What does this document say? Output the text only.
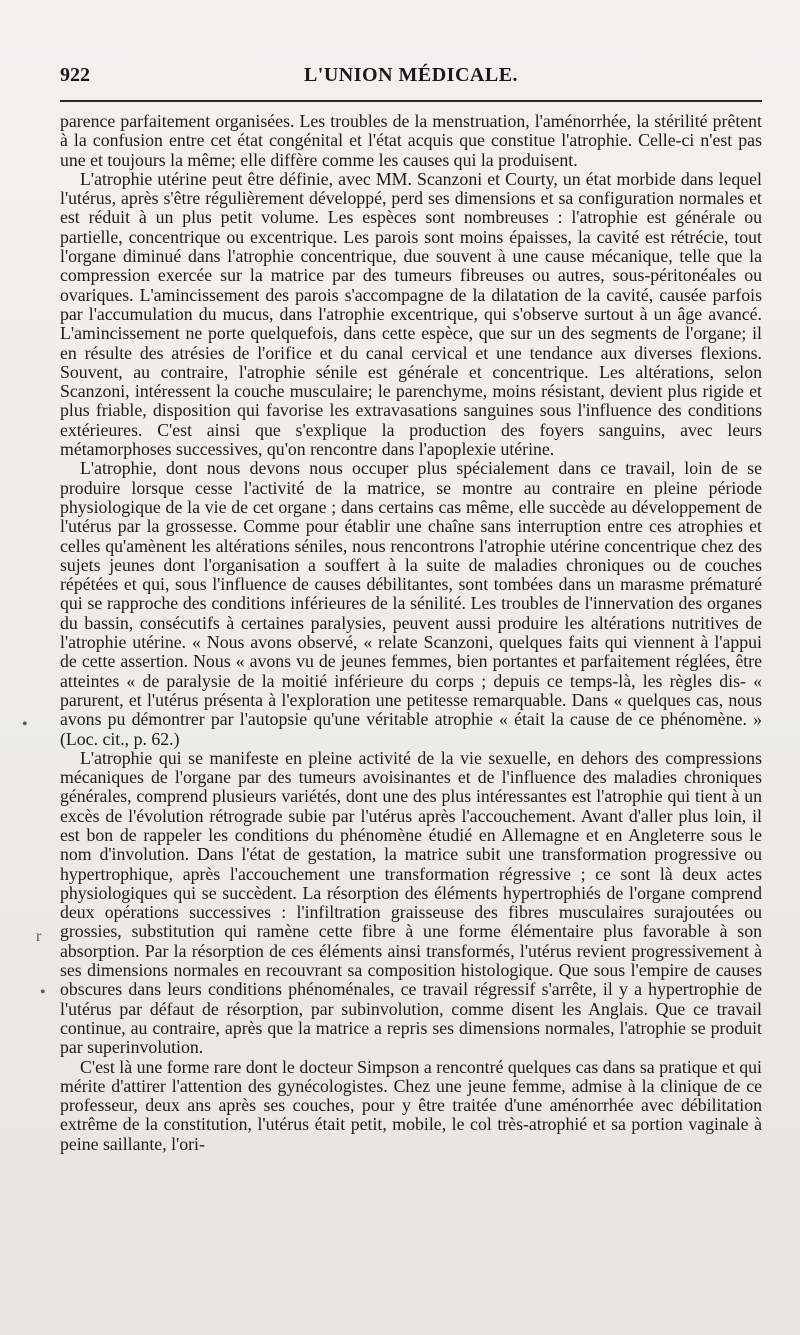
922	L'UNION MÉDICALE.
•
r
•

parence parfaitement organisées. Les troubles de la menstruation, l'aménorrhée, la stérilité prêtent à la confusion entre cet état congénital et l'état acquis que constitue l'atrophie. Celle-ci n'est pas une et toujours la même; elle diffère comme les causes qui la produisent.

L'atrophie utérine peut être définie, avec MM. Scanzoni et Courty, un état morbide dans lequel l'utérus, après s'être régulièrement développé, perd ses dimensions et sa configuration normales et est réduit à un plus petit volume. Les espèces sont nombreuses : l'atrophie est générale ou partielle, concentrique ou excentrique. Les parois sont moins épaisses, la cavité est rétrécie, tout l'organe diminué dans l'atrophie concentrique, due souvent à une cause mécanique, telle que la compression exercée sur la matrice par des tumeurs fibreuses ou autres, sous-péritonéales ou ovariques. L'amincissement des parois s'accompagne de la dilatation de la cavité, causée parfois par l'accumulation du mucus, dans l'atrophie excentrique, qui s'observe surtout à un âge avancé. L'amincissement ne porte quelquefois, dans cette espèce, que sur un des segments de l'organe; il en résulte des atrésies de l'orifice et du canal cervical et une tendance aux diverses flexions. Souvent, au contraire, l'atrophie sénile est générale et concentrique. Les altérations, selon Scanzoni, intéressent la couche musculaire; le parenchyme, moins résistant, devient plus rigide et plus friable, disposition qui favorise les extravasations sanguines sous l'influence des conditions extérieures. C'est ainsi que s'explique la production des foyers sanguins, avec leurs métamorphoses successives, qu'on rencontre dans l'apoplexie utérine.

L'atrophie, dont nous devons nous occuper plus spécialement dans ce travail, loin de se produire lorsque cesse l'activité de la matrice, se montre au contraire en pleine période physiologique de la vie de cet organe ; dans certains cas même, elle succède au développement de l'utérus par la grossesse. Comme pour établir une chaîne sans interruption entre ces atrophies et celles qu'amènent les altérations séniles, nous rencontrons l'atrophie utérine concentrique chez des sujets jeunes dont l'organisation a souffert à la suite de maladies chroniques ou de couches répétées et qui, sous l'influence de causes débilitantes, sont tombées dans un marasme prématuré qui se rapproche des conditions inférieures de la sénilité. Les troubles de l'innervation des organes du bassin, consécutifs à certaines paralysies, peuvent aussi produire les altérations nutritives de l'atrophie utérine. « Nous avons observé, « relate Scanzoni, quelques faits qui viennent à l'appui de cette assertion. Nous « avons vu de jeunes femmes, bien portantes et parfaitement réglées, être atteintes « de paralysie de la moitié inférieure du corps ; depuis ce temps-là, les règles dis- « parurent, et l'utérus présenta à l'exploration une petitesse remarquable. Dans « quelques cas, nous avons pu démontrer par l'autopsie qu'une véritable atrophie « était la cause de ce phénomène. » (Loc. cit., p. 62.)

L'atrophie qui se manifeste en pleine activité de la vie sexuelle, en dehors des compressions mécaniques de l'organe par des tumeurs avoisinantes et de l'influence des maladies chroniques générales, comprend plusieurs variétés, dont une des plus intéressantes est l'atrophie qui tient à un excès de l'évolution rétrograde subie par l'utérus après l'accouchement. Avant d'aller plus loin, il est bon de rappeler les conditions du phénomène étudié en Allemagne et en Angleterre sous le nom d'involution. Dans l'état de gestation, la matrice subit une transformation progressive ou hypertrophique, après l'accouchement une transformation régressive ; ce sont là deux actes physiologiques qui se succèdent. La résorption des éléments hypertrophiés de l'organe comprend deux opérations successives : l'infiltration graisseuse des fibres musculaires surajoutées ou grossies, substitution qui ramène cette fibre à une forme élémentaire plus favorable à son absorption. Par la résorption de ces éléments ainsi transformés, l'utérus revient progressivement à ses dimensions normales en recouvrant sa composition histologique. Que sous l'empire de causes obscures dans leurs conditions phénoménales, ce travail régressif s'arrête, il y a hypertrophie de l'utérus par défaut de résorption, par subinvolution, comme disent les Anglais. Que ce travail continue, au contraire, après que la matrice a repris ses dimensions normales, l'atrophie se produit par superinvolution.

C'est là une forme rare dont le docteur Simpson a rencontré quelques cas dans sa pratique et qui mérite d'attirer l'attention des gynécologistes. Chez une jeune femme, admise à la clinique de ce professeur, deux ans après ses couches, pour y être traitée d'une aménorrhée avec débilitation extrême de la constitution, l'utérus était petit, mobile, le col très-atrophié et sa portion vaginale à peine saillante, l'ori-
